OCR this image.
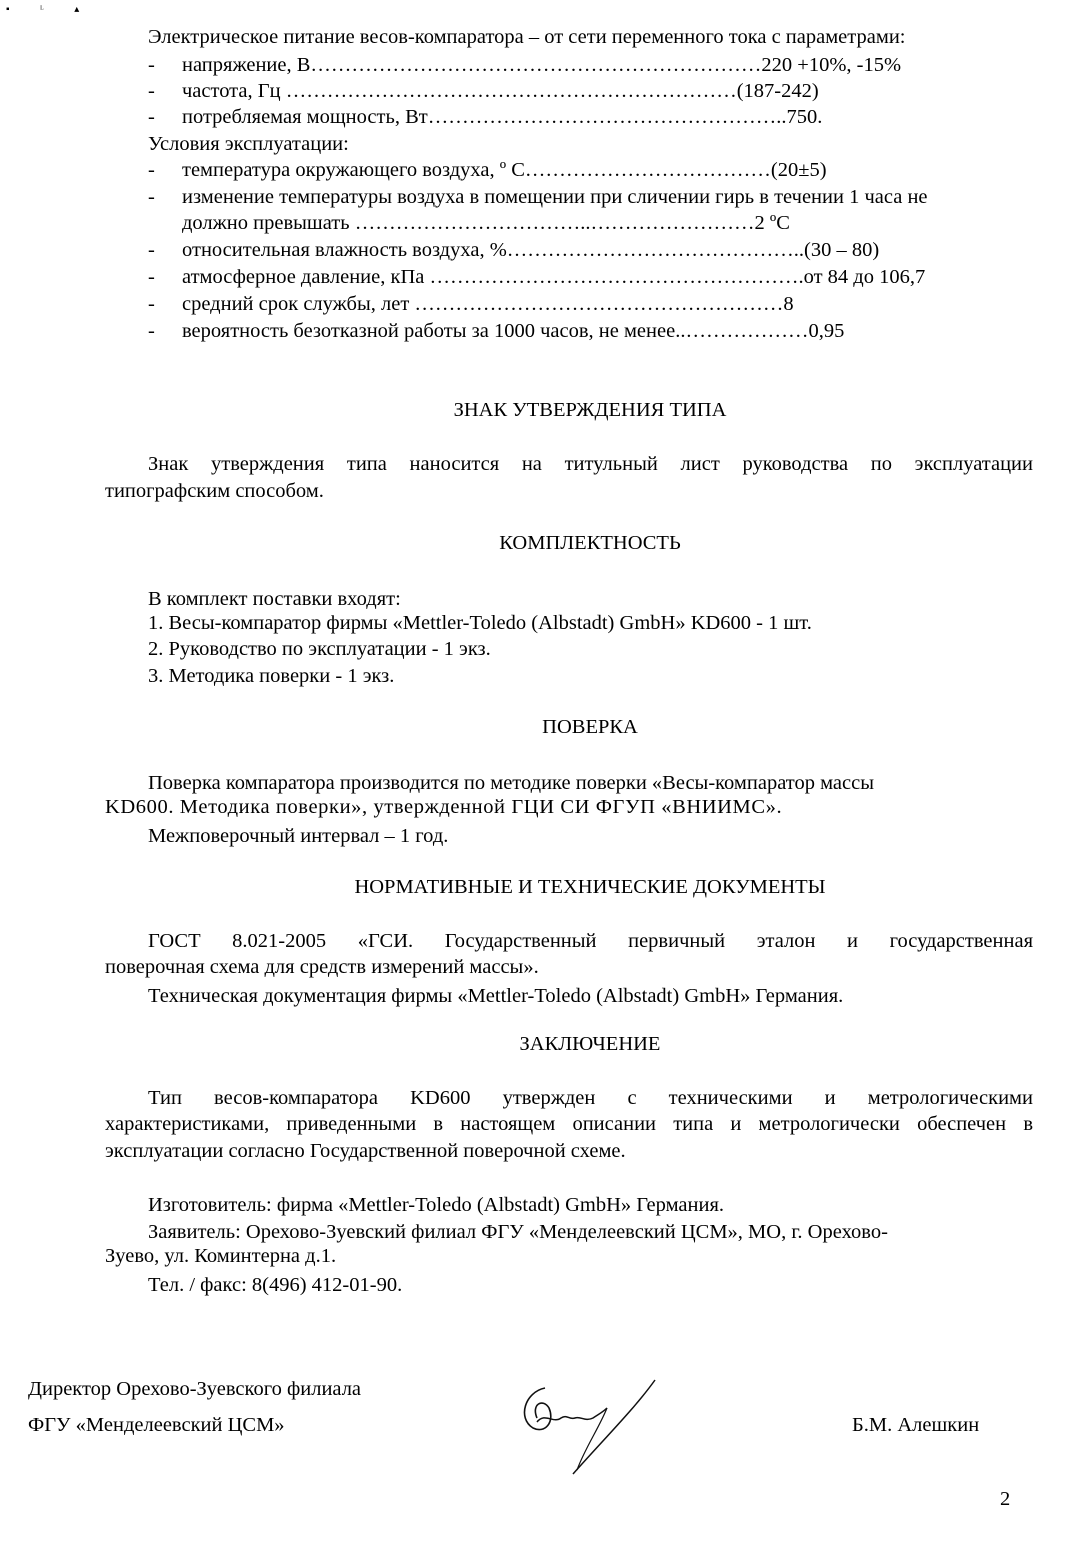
▪ ᴸ ▴
Электрическое питание весов-компаратора – от сети переменного тока с параметрами:
- напряжение, В…………………………………………………………220 +10%, -15%
- частота, Гц …………………………………………………………(187-242)
- потребляемая мощность, Вт……………………………………………..750.
Условия эксплуатации:
- температура окружающего воздуха, º С………………………………(20±5)
- изменение температуры воздуха в помещении при сличении гирь в течении 1 часа не
должно превышать ……………………………..……………………2 ºС
- относительная влажность воздуха, %……………………………………..(30 – 80)
- атмосферное давление, кПа ……………………………………………….от 84 до 106,7
- средний срок службы, лет ………………………………………………8
- вероятность безотказной работы за 1000 часов, не менее..………………0,95
ЗНАК УТВЕРЖДЕНИЯ ТИПА
Знак утверждения типа наносится на титульный лист руководства по эксплуатации
типографским способом.
КОМПЛЕКТНОСТЬ
В комплект поставки входят:
1. Весы-компаратор фирмы «Mettler-Toledo (Albstadt) GmbH» KD600 - 1 шт.
2. Руководство по эксплуатации - 1 экз.
3. Методика поверки - 1 экз.
ПОВЕРКА
Поверка компаратора производится по методике поверки «Весы-компаратор массы
KD600. Методика поверки», утвержденной ГЦИ СИ ФГУП «ВНИИМС».
Межповерочный интервал – 1 год.
НОРМАТИВНЫЕ И ТЕХНИЧЕСКИЕ ДОКУМЕНТЫ
ГОСТ 8.021-2005 «ГСИ. Государственный первичный эталон и государственная
поверочная схема для средств измерений массы».
Техническая документация фирмы «Mettler-Toledo (Albstadt) GmbH» Германия.
ЗАКЛЮЧЕНИЕ
Тип весов-компаратора KD600 утвержден с техническими и метрологическими
характеристиками, приведенными в настоящем описании типа и метрологически обеспечен в
эксплуатации согласно Государственной поверочной схеме.
Изготовитель: фирма «Mettler-Toledo (Albstadt) GmbH» Германия.
Заявитель: Орехово-Зуевский филиал ФГУ «Менделеевский ЦСМ», МО, г. Орехово-
Зуево, ул. Коминтерна д.1.
Тел. / факс: 8(496) 412-01-90.
Директор Орехово-Зуевского филиала
ФГУ «Менделеевский ЦСМ»	Б.М. Алешкин
2
